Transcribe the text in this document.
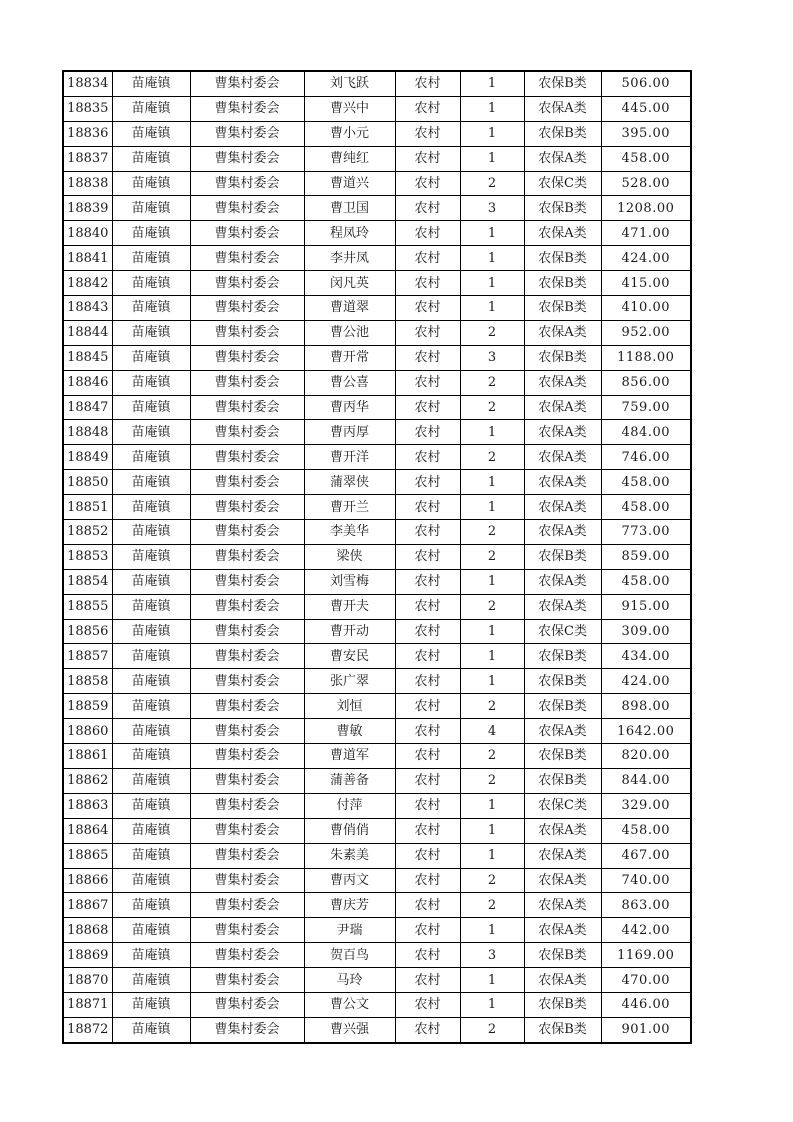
18834	苗庵镇	曹集村委会	刘飞跃	农村	1	农保B类	506.00
18835	苗庵镇	曹集村委会	曹兴中	农村	1	农保A类	445.00
18836	苗庵镇	曹集村委会	曹小元	农村	1	农保B类	395.00
18837	苗庵镇	曹集村委会	曹纯红	农村	1	农保A类	458.00
18838	苗庵镇	曹集村委会	曹道兴	农村	2	农保C类	528.00
18839	苗庵镇	曹集村委会	曹卫国	农村	3	农保B类	1208.00
18840	苗庵镇	曹集村委会	程凤玲	农村	1	农保A类	471.00
18841	苗庵镇	曹集村委会	李井凤	农村	1	农保B类	424.00
18842	苗庵镇	曹集村委会	闵凡英	农村	1	农保B类	415.00
18843	苗庵镇	曹集村委会	曹道翠	农村	1	农保B类	410.00
18844	苗庵镇	曹集村委会	曹公池	农村	2	农保A类	952.00
18845	苗庵镇	曹集村委会	曹开常	农村	3	农保B类	1188.00
18846	苗庵镇	曹集村委会	曹公喜	农村	2	农保A类	856.00
18847	苗庵镇	曹集村委会	曹丙华	农村	2	农保A类	759.00
18848	苗庵镇	曹集村委会	曹丙厚	农村	1	农保A类	484.00
18849	苗庵镇	曹集村委会	曹开洋	农村	2	农保A类	746.00
18850	苗庵镇	曹集村委会	蒲翠侠	农村	1	农保A类	458.00
18851	苗庵镇	曹集村委会	曹开兰	农村	1	农保A类	458.00
18852	苗庵镇	曹集村委会	李美华	农村	2	农保A类	773.00
18853	苗庵镇	曹集村委会	梁侠	农村	2	农保B类	859.00
18854	苗庵镇	曹集村委会	刘雪梅	农村	1	农保A类	458.00
18855	苗庵镇	曹集村委会	曹开夫	农村	2	农保A类	915.00
18856	苗庵镇	曹集村委会	曹开动	农村	1	农保C类	309.00
18857	苗庵镇	曹集村委会	曹安民	农村	1	农保B类	434.00
18858	苗庵镇	曹集村委会	张广翠	农村	1	农保B类	424.00
18859	苗庵镇	曹集村委会	刘恒	农村	2	农保B类	898.00
18860	苗庵镇	曹集村委会	曹敏	农村	4	农保A类	1642.00
18861	苗庵镇	曹集村委会	曹道军	农村	2	农保B类	820.00
18862	苗庵镇	曹集村委会	蒲善备	农村	2	农保B类	844.00
18863	苗庵镇	曹集村委会	付萍	农村	1	农保C类	329.00
18864	苗庵镇	曹集村委会	曹俏俏	农村	1	农保A类	458.00
18865	苗庵镇	曹集村委会	朱素美	农村	1	农保A类	467.00
18866	苗庵镇	曹集村委会	曹丙文	农村	2	农保A类	740.00
18867	苗庵镇	曹集村委会	曹庆芳	农村	2	农保A类	863.00
18868	苗庵镇	曹集村委会	尹瑞	农村	1	农保A类	442.00
18869	苗庵镇	曹集村委会	贺百鸟	农村	3	农保B类	1169.00
18870	苗庵镇	曹集村委会	马玲	农村	1	农保A类	470.00
18871	苗庵镇	曹集村委会	曹公文	农村	1	农保B类	446.00
18872	苗庵镇	曹集村委会	曹兴强	农村	2	农保B类	901.00
